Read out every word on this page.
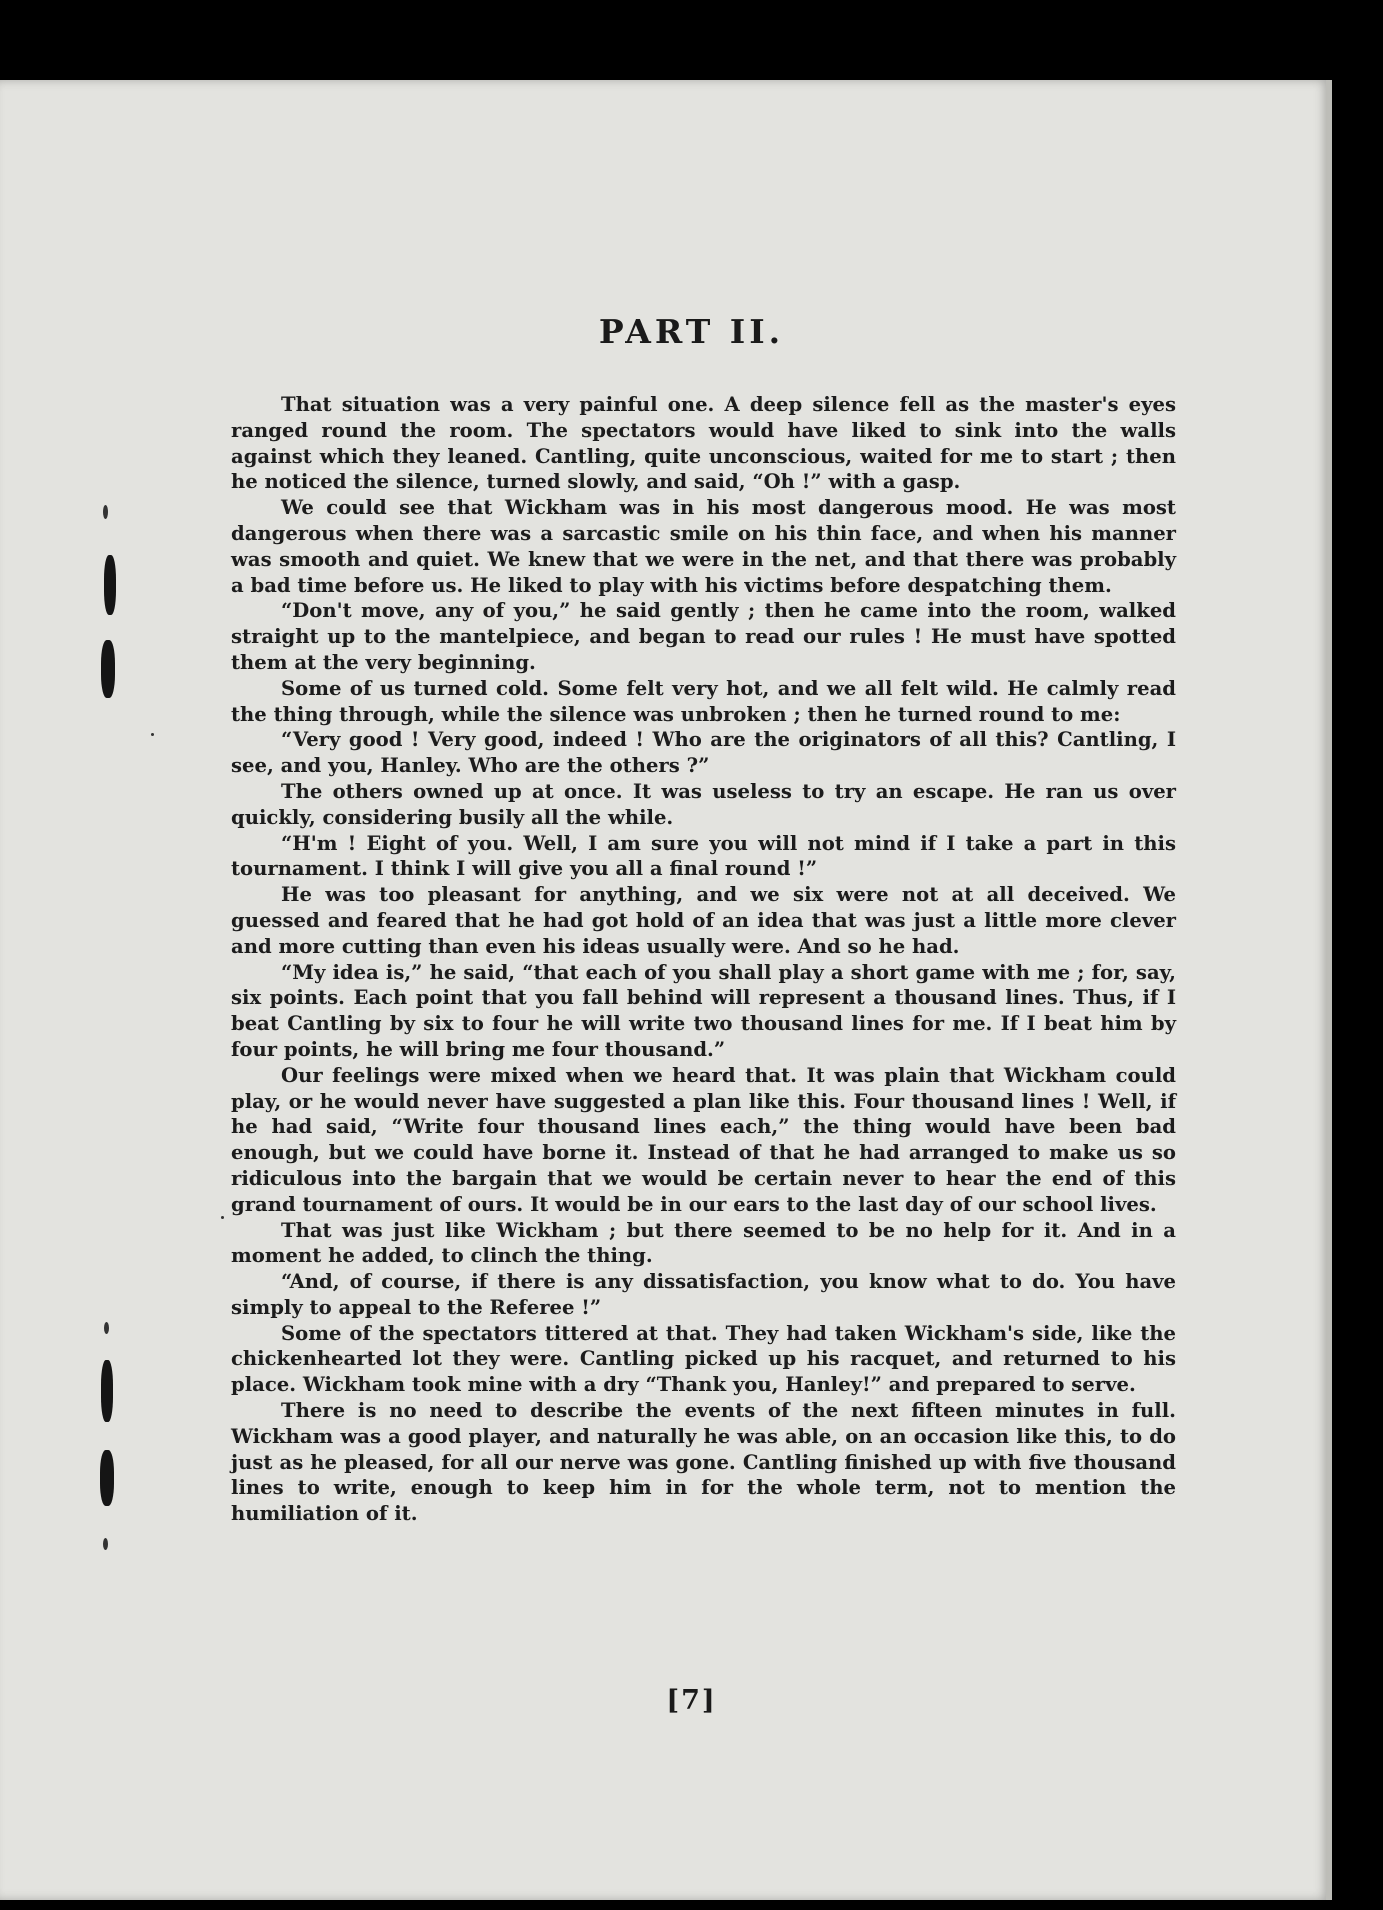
PART II.

That situation was a very painful one. A deep silence fell as the master's eyes ranged round the room. The spectators would have liked to sink into the walls against which they leaned. Cantling, quite unconscious, waited for me to start ; then he noticed the silence, turned slowly, and said, “Oh !” with a gasp.

We could see that Wickham was in his most dangerous mood. He was most dangerous when there was a sarcastic smile on his thin face, and when his manner was smooth and quiet. We knew that we were in the net, and that there was probably a bad time before us. He liked to play with his victims before despatching them.

“Don't move, any of you,” he said gently ; then he came into the room, walked straight up to the mantelpiece, and began to read our rules ! He must have spotted them at the very beginning.

Some of us turned cold. Some felt very hot, and we all felt wild. He calmly read the thing through, while the silence was unbroken ; then he turned round to me:

“Very good ! Very good, indeed ! Who are the originators of all this? Cantling, I see, and you, Hanley. Who are the others ?”

The others owned up at once. It was useless to try an escape. He ran us over quickly, considering busily all the while.

“H'm ! Eight of you. Well, I am sure you will not mind if I take a part in this tournament. I think I will give you all a final round !”

He was too pleasant for anything, and we six were not at all deceived. We guessed and feared that he had got hold of an idea that was just a little more clever and more cutting than even his ideas usually were. And so he had.

“My idea is,” he said, “that each of you shall play a short game with me ; for, say, six points. Each point that you fall behind will represent a thousand lines. Thus, if I beat Cantling by six to four he will write two thousand lines for me. If I beat him by four points, he will bring me four thousand.”

Our feelings were mixed when we heard that. It was plain that Wickham could play, or he would never have suggested a plan like this. Four thousand lines ! Well, if he had said, “Write four thousand lines each,” the thing would have been bad enough, but we could have borne it. Instead of that he had arranged to make us so ridiculous into the bargain that we would be certain never to hear the end of this grand tournament of ours. It would be in our ears to the last day of our school lives.

That was just like Wickham ; but there seemed to be no help for it. And in a moment he added, to clinch the thing.

“And, of course, if there is any dissatisfaction, you know what to do. You have simply to appeal to the Referee !”

Some of the spectators tittered at that. They had taken Wickham's side, like the chickenhearted lot they were. Cantling picked up his racquet, and returned to his place. Wickham took mine with a dry “Thank you, Hanley!” and prepared to serve.

There is no need to describe the events of the next fifteen minutes in full. Wickham was a good player, and naturally he was able, on an occasion like this, to do just as he pleased, for all our nerve was gone. Cantling finished up with five thousand lines to write, enough to keep him in for the whole term, not to mention the humiliation of it.

[7]
